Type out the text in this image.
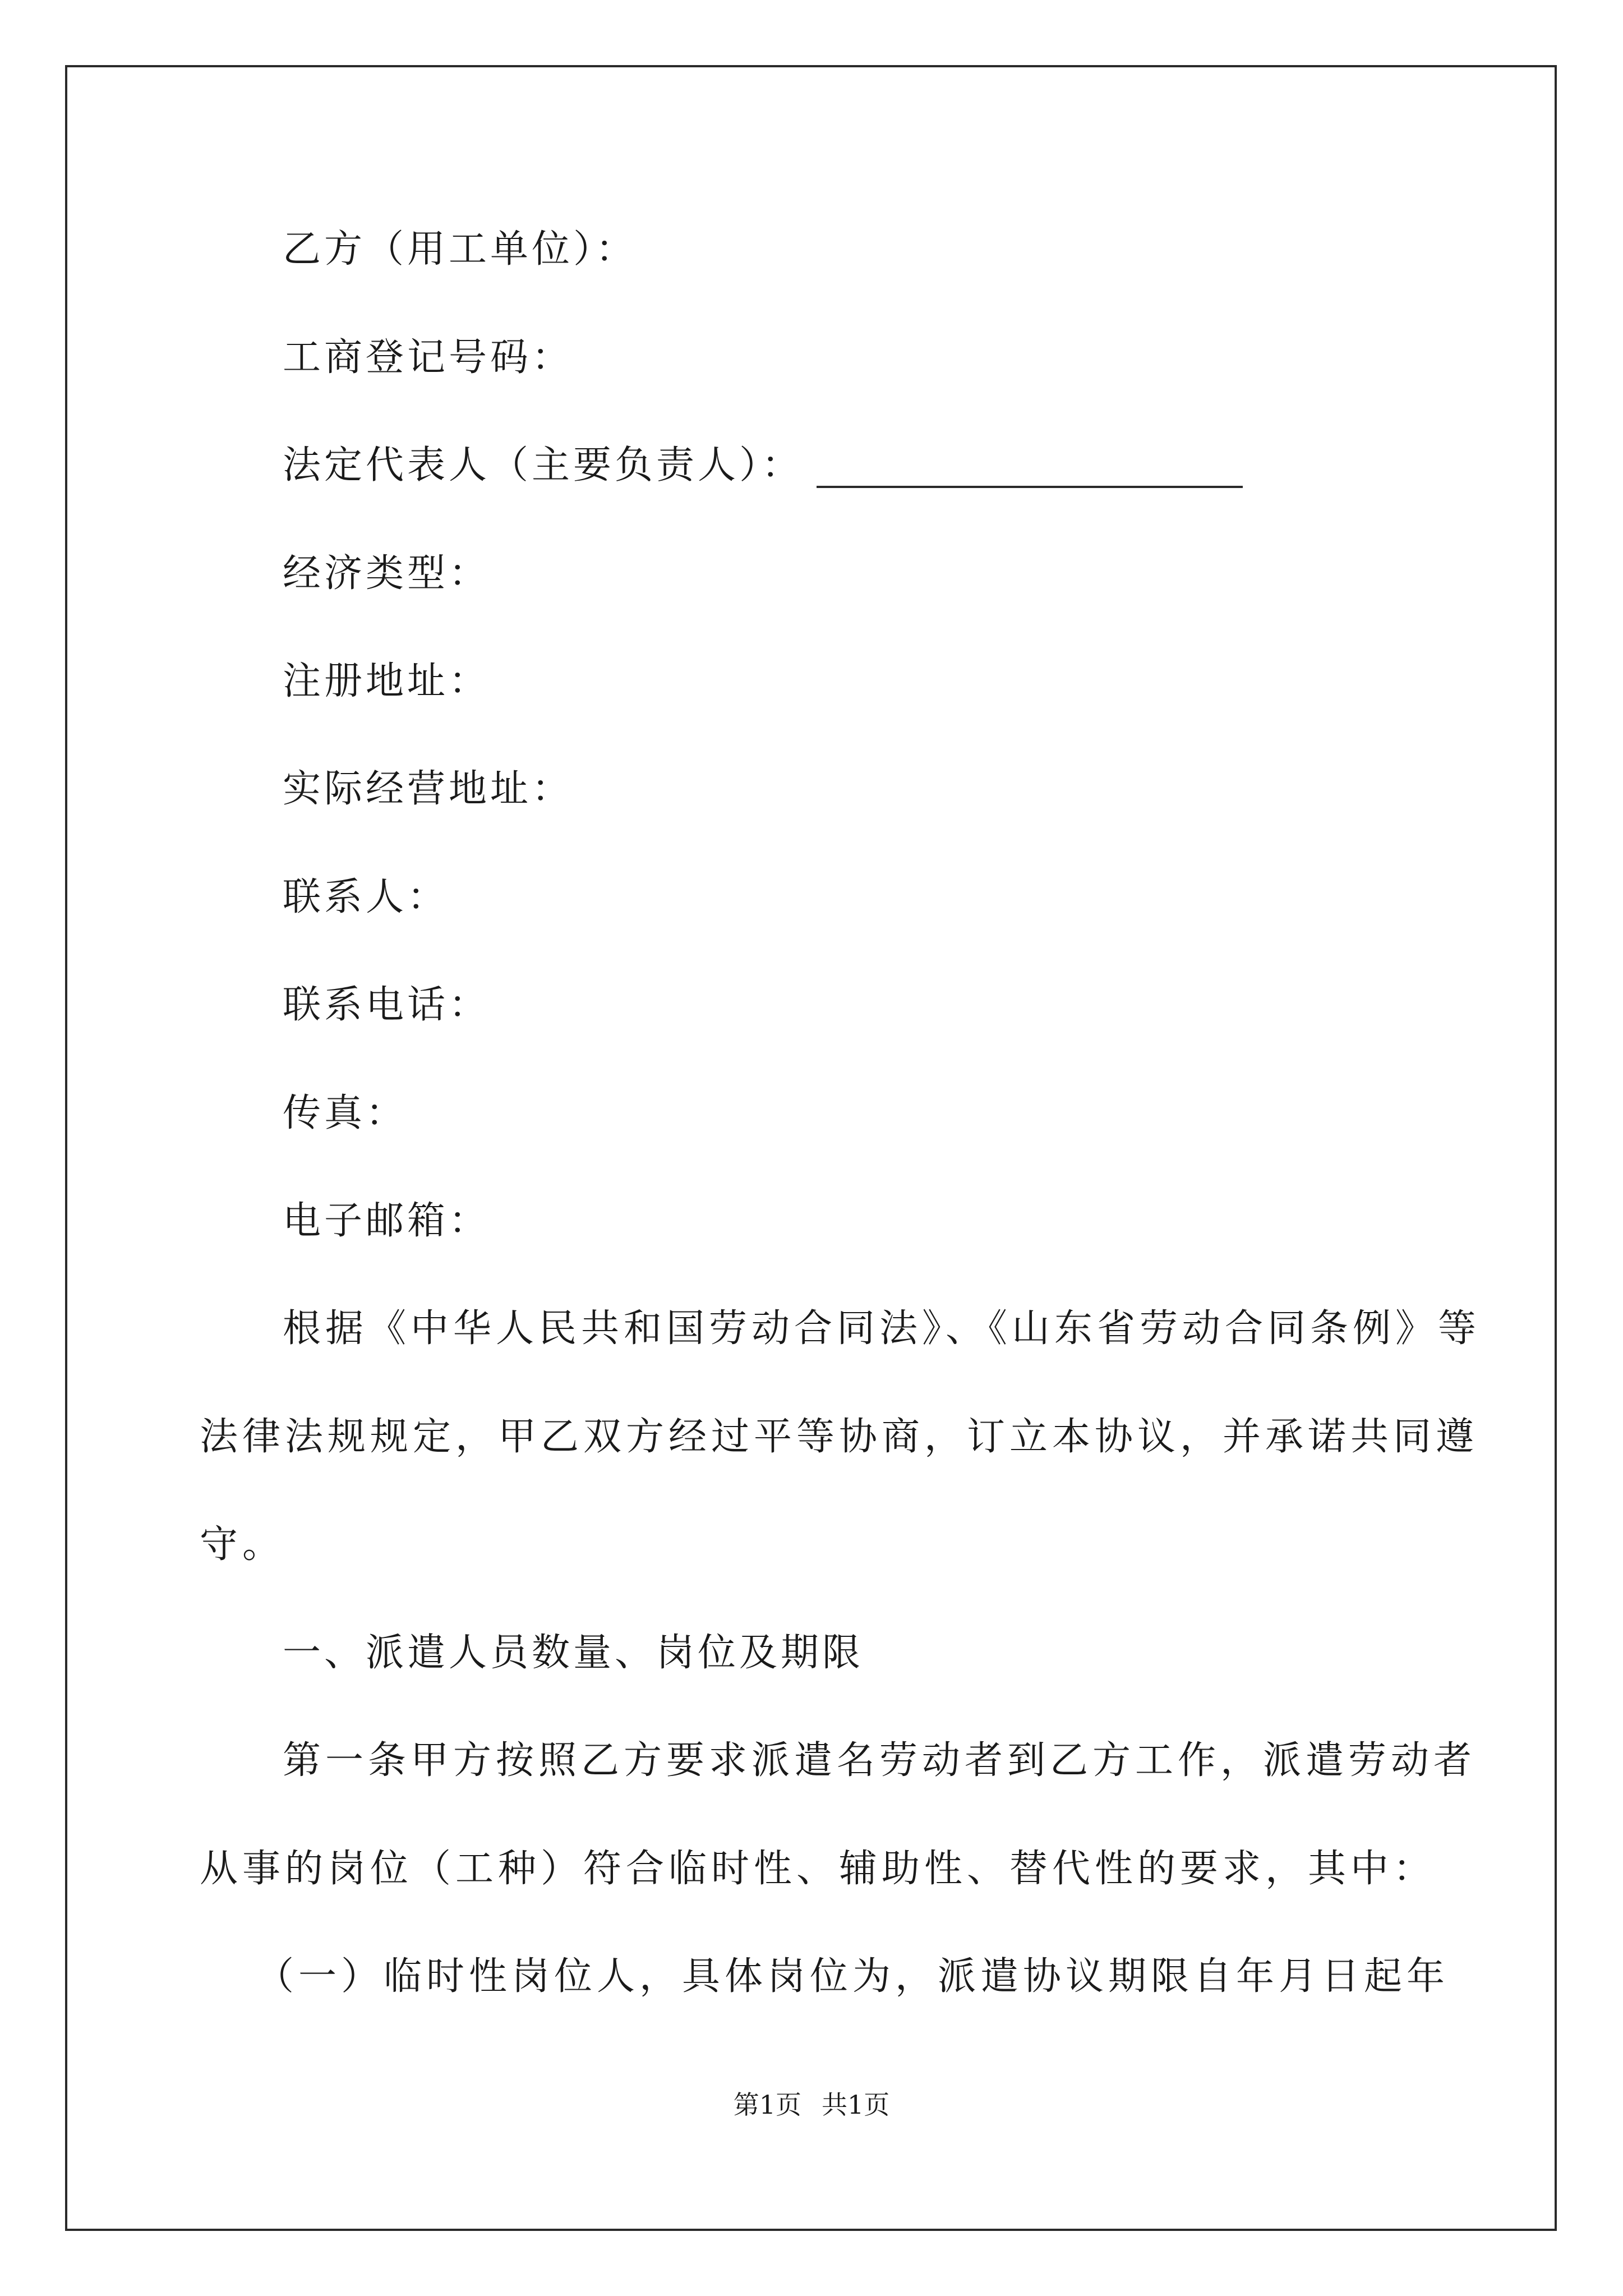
乙方（用工单位）：
工商登记号码：
法定代表人（主要负责人）：
经济类型：
注册地址：
实际经营地址：
联系人：
联系电话：
传真：
电子邮箱：
根据《中华人民共和国劳动合同法》、《山东省劳动合同条例》等
法律法规规定，甲乙双方经过平等协商，订立本协议，并承诺共同遵
守。
一、派遣人员数量、岗位及期限
第一条甲方按照乙方要求派遣名劳动者到乙方工作，派遣劳动者
从事的岗位（工种）符合临时性、辅助性、替代性的要求，其中：
（一）临时性岗位人，具体岗位为，派遣协议期限自年月日起年
第1页 共1页
